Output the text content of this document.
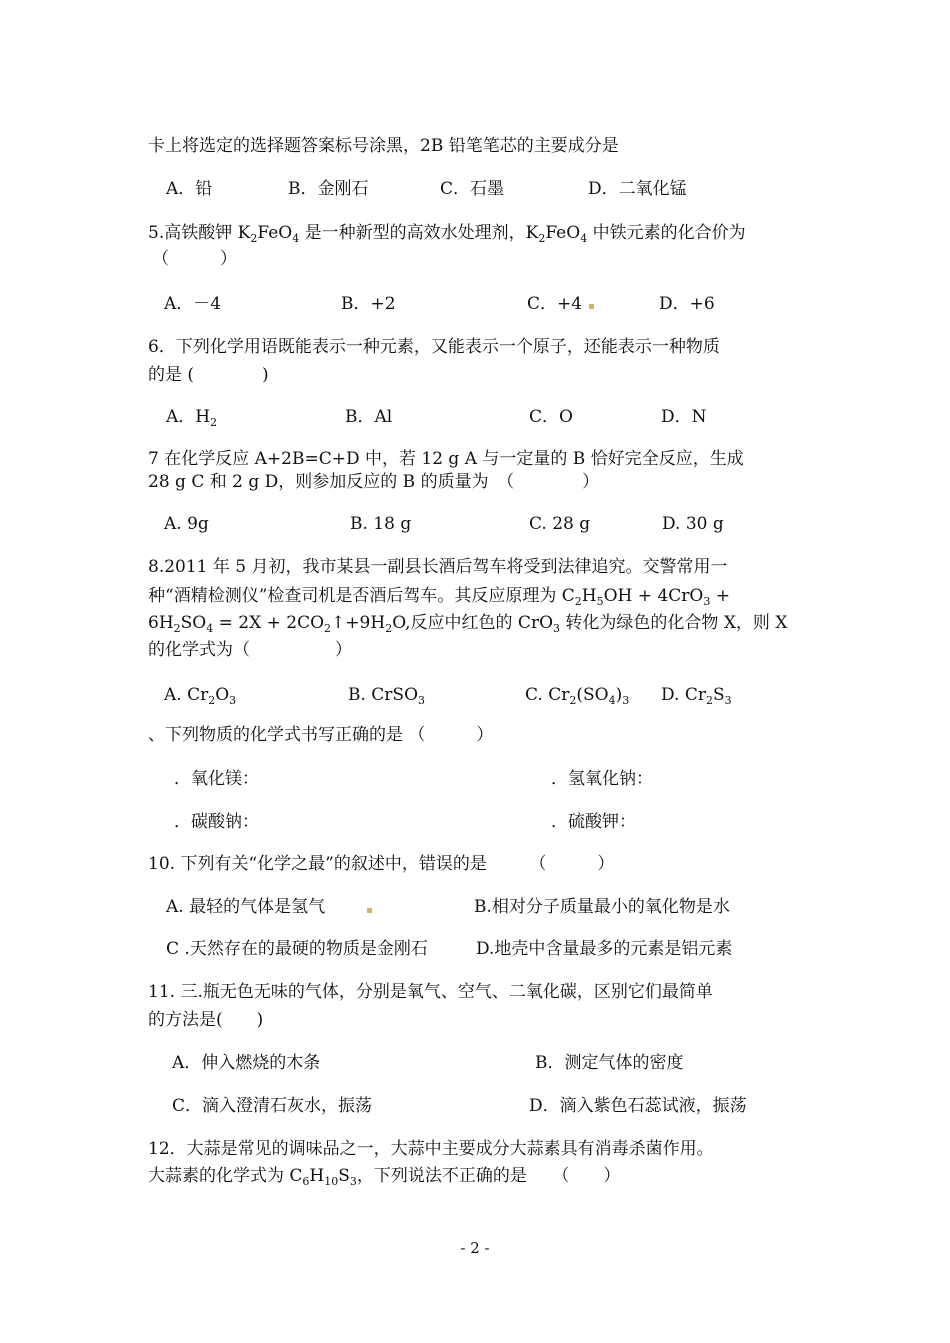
卡上将选定的选择题答案标号涂黑，2B 铅笔笔芯的主要成分是
A．铅	B．金刚石	C．石墨	D．二氧化锰
5.高铁酸钾 $K_2FeO_4$ 是一种新型的高效水处理剂，$K_2FeO_4$ 中铁元素的化合价为
（　　　）
A．－4	B．+2	C．+4	D．+6
6．下列化学用语既能表示一种元素，又能表示一个原子，还能表示一种物质
的是 (　　　　)
A．$H_2$	B．Al	C．O	D．N
7 在化学反应 A+2B=C+D 中，若 12 g A 与一定量的 B 恰好完全反应，生成
28 g C 和 2 g D，则参加反应的 B 的质量为　（　　　　）
A. 9g	B. 18 g	C. 28 g	D. 30 g
8.2011 年 5 月初，我市某县一副县长酒后驾车将受到法律追究。交警常用一
种“酒精检测仪”检查司机是否酒后驾车。其反应原理为 $C_2H_5OH + 4CrO_3$ +
$6H_2SO_4 = 2X$ + $2CO_2↑+9H_2O$,反应中红色的 CrO$_3$ 转化为绿色的化合物 X，则 X
的化学式为（　　　　　）
A. $Cr_2O_3$	B. CrSO$_3$	C. $Cr_2(SO_4)_3$ D. $Cr_2S_3$
、下列物质的化学式书写正确的是 （　　　）
．氧化镁：	．氢氧化钠：
．碳酸钠：	．硫酸钾：
10. 下列有关“化学之最”的叙述中，错误的是　　　（　　　）
A. 最轻的气体是氢气	B.相对分子质量最小的氧化物是水
C .天然存在的最硬的物质是金刚石	D.地壳中含量最多的元素是铝元素
11. 三.瓶无色无味的气体，分别是氧气、空气、二氧化碳，区别它们最简单
的方法是(　　)
A．伸入燃烧的木条	B．测定气体的密度
C．滴入澄清石灰水，振荡	D．滴入紫色石蕊试液，振荡
12．大蒜是常见的调味品之一，大蒜中主要成分大蒜素具有消毒杀菌作用。
大蒜素的化学式为 $C_6H_{10}S_3$，下列说法不正确的是　　（　　）
- 2 -
